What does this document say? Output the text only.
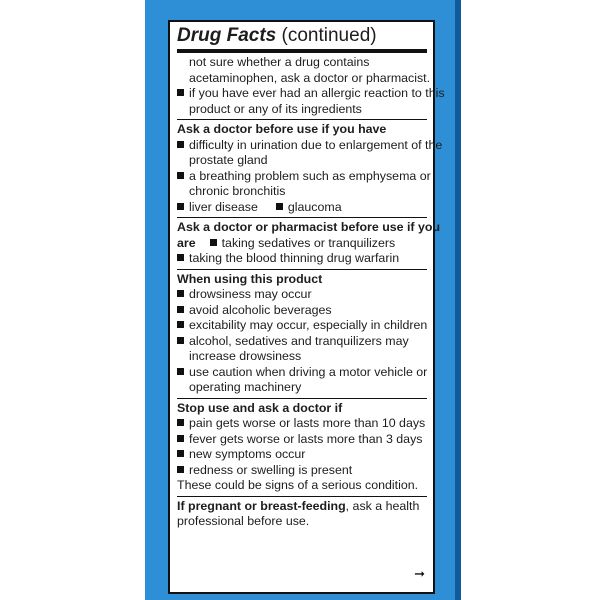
Drug Facts (continued)
not sure whether a drug contains
acetaminophen, ask a doctor or pharmacist.
if you have ever had an allergic reaction to this
product or any of its ingredients
Ask a doctor before use if you have
difficulty in urination due to enlargement of the
prostate gland
a breathing problem such as emphysema or
chronic bronchitis
liver disease glaucoma
Ask a doctor or pharmacist before use if you
are taking sedatives or tranquilizers
taking the blood thinning drug warfarin
When using this product
drowsiness may occur
avoid alcoholic beverages
excitability may occur, especially in children
alcohol, sedatives and tranquilizers may
increase drowsiness
use caution when driving a motor vehicle or
operating machinery
Stop use and ask a doctor if
pain gets worse or lasts more than 10 days
fever gets worse or lasts more than 3 days
new symptoms occur
redness or swelling is present
These could be signs of a serious condition.
If pregnant or breast-feeding, ask a health
professional before use.
➞
